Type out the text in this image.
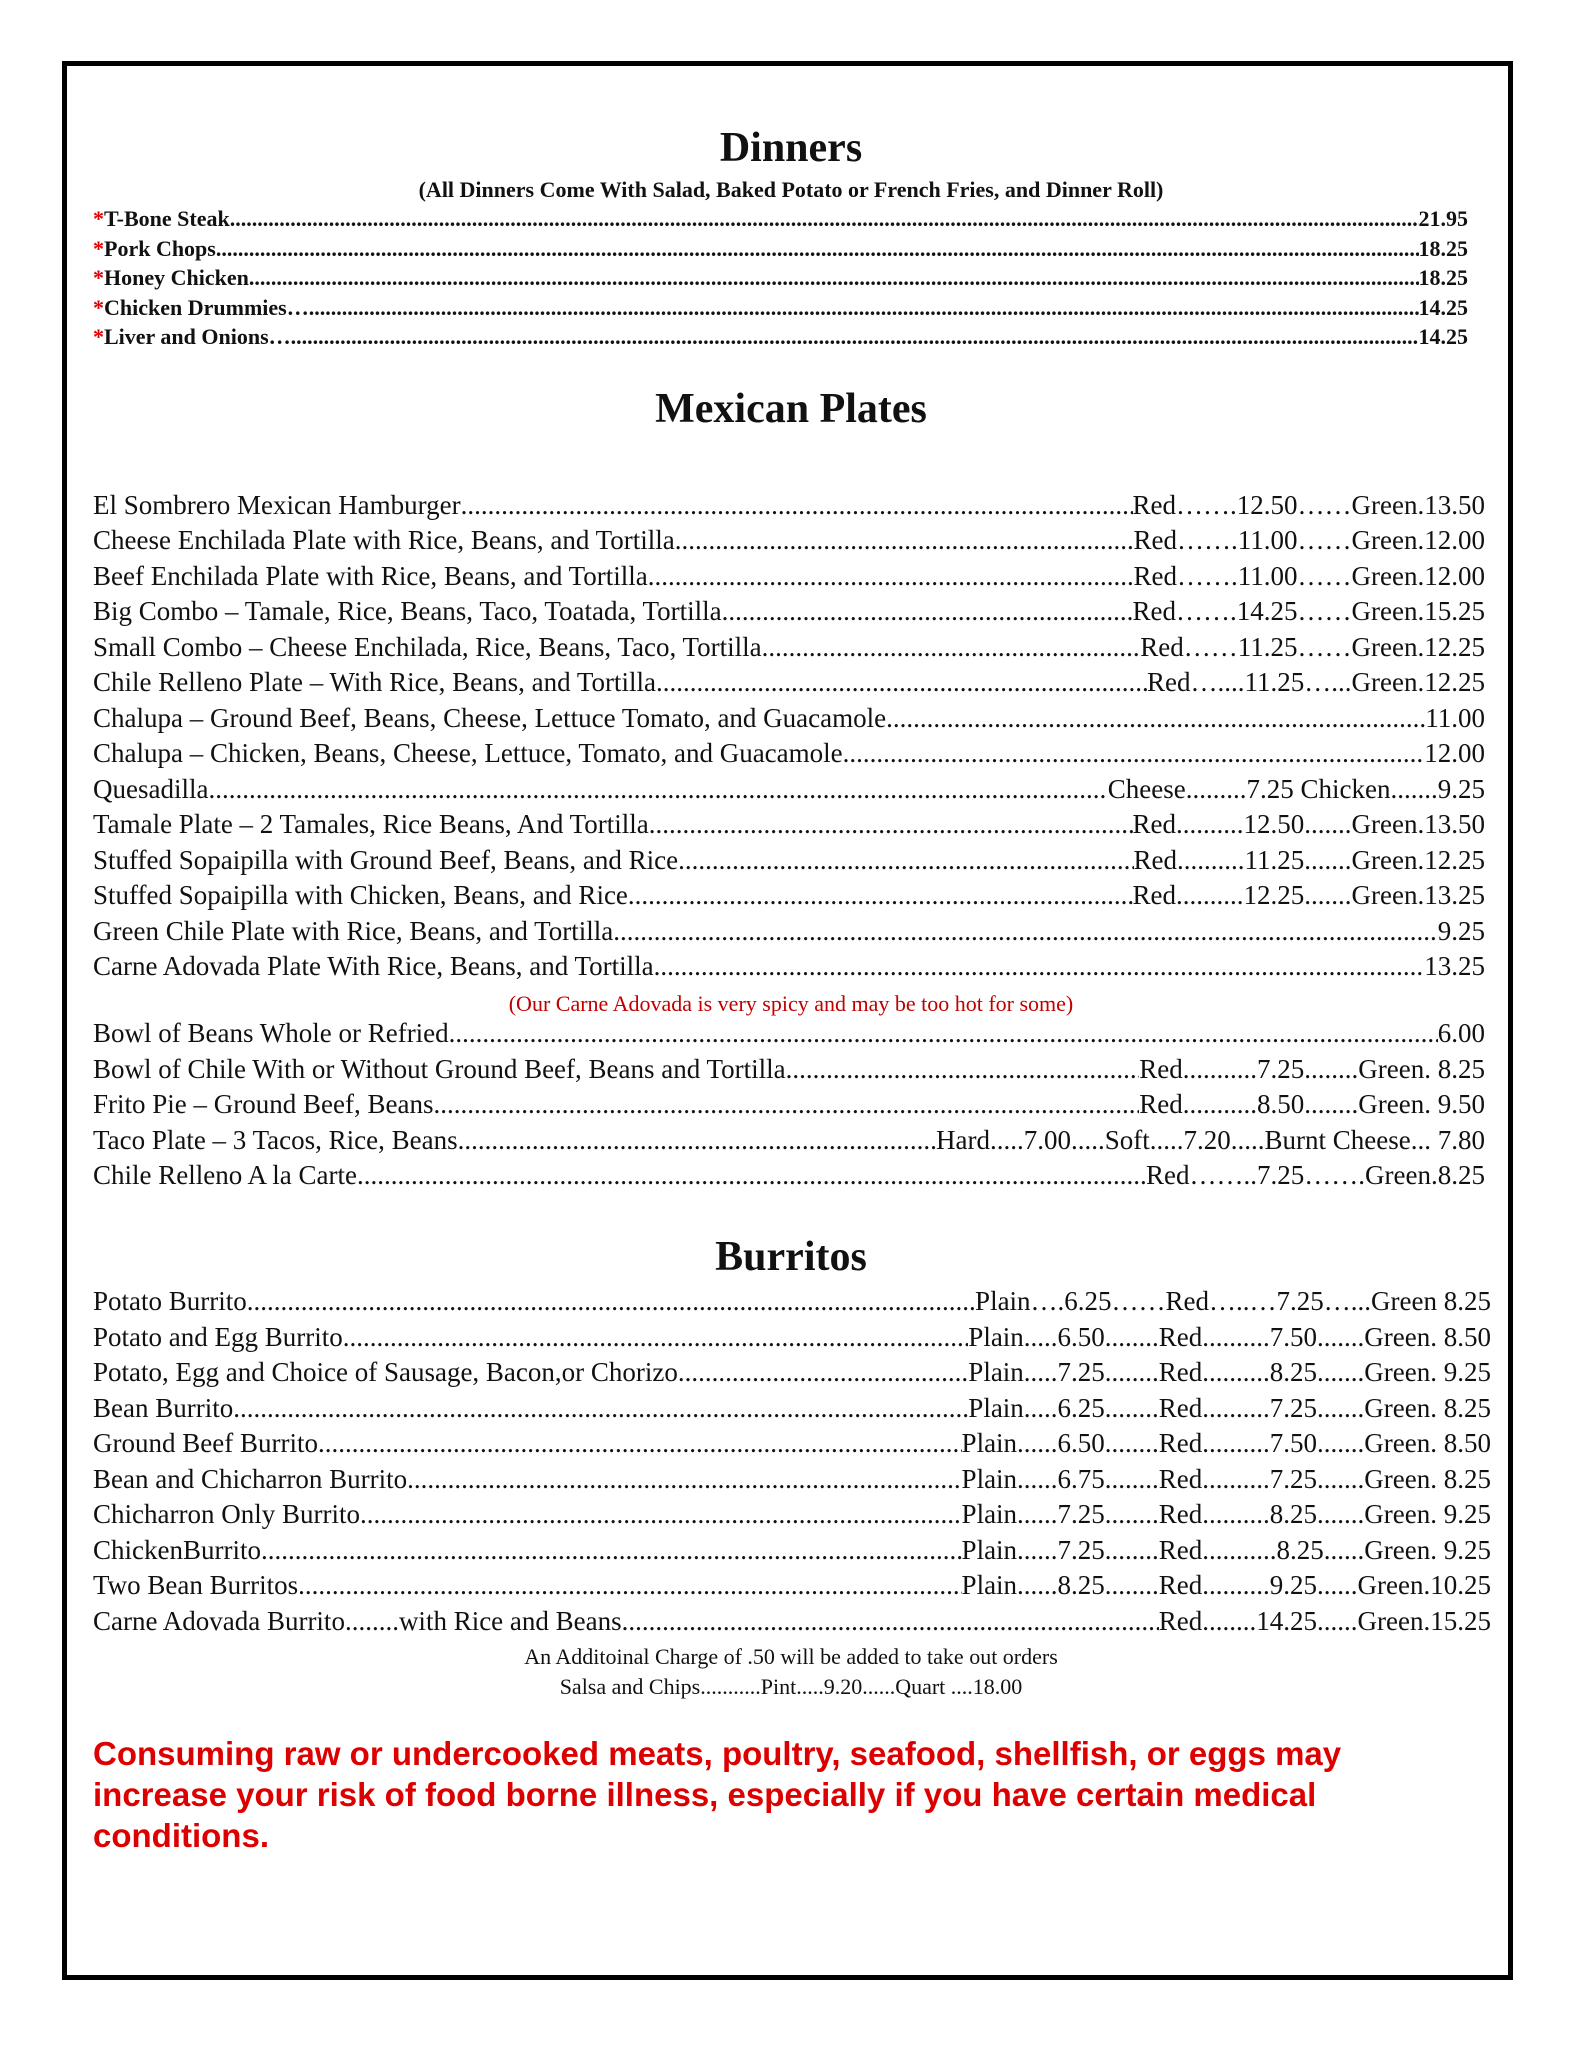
Dinners
(All Dinners Come With Salad, Baked Potato or French Fries, and Dinner Roll)
*T-Bone Steak .....	21.95
*Pork Chops .....	18.25
*Honey Chicken .....	18.25
*Chicken Drummies… .....	14.25
*Liver and Onions… .....	14.25
Mexican Plates
El Sombrero Mexican Hamburger .....	Red…….12.50……Green.13.50
Cheese Enchilada Plate with Rice, Beans, and Tortilla .....	Red…….11.00……Green.12.00
Beef Enchilada Plate with Rice, Beans, and Tortilla .....	Red…….11.00……Green.12.00
Big Combo – Tamale, Rice, Beans, Taco, Toatada, Tortilla .....	Red…….14.25……Green.15.25
Small Combo – Cheese Enchilada, Rice, Beans, Taco, Tortilla .....	Red……11.25……Green.12.25
Chile Relleno Plate – With Rice, Beans, and Tortilla .....	Red…....11.25…...Green.12.25
Chalupa – Ground Beef, Beans, Cheese, Lettuce Tomato, and Guacamole .....	11.00
Chalupa – Chicken, Beans, Cheese, Lettuce, Tomato, and Guacamole .....	12.00
Quesadilla .....	Cheese.........7.25 Chicken.......9.25
Tamale Plate – 2 Tamales, Rice Beans, And Tortilla .....	Red..........12.50.......Green.13.50
Stuffed Sopaipilla with Ground Beef, Beans, and Rice .....	Red..........11.25.......Green.12.25
Stuffed Sopaipilla with Chicken, Beans, and Rice .....	Red..........12.25.......Green.13.25
Green Chile Plate with Rice, Beans, and Tortilla .....	9.25
Carne Adovada Plate With Rice, Beans, and Tortilla .....	13.25
(Our Carne Adovada is very spicy and may be too hot for some)
Bowl of Beans Whole or Refried. .....	6.00
Bowl of Chile With or Without Ground Beef, Beans and Tortilla .....	Red...........7.25........Green. 8.25
Frito Pie – Ground Beef, Beans .....	Red...........8.50........Green. 9.50
Taco Plate – 3 Tacos, Rice, Beans .....	Hard.....7.00.....Soft.....7.20.....Burnt Cheese... 7.80
Chile Relleno A la Carte .....	Red……..7.25…….Green.8.25
Burritos
Potato Burrito .....	Plain….6.25……Red…..…7.25…...Green 8.25
Potato and Egg Burrito .....	Plain.....6.50........Red..........7.50.......Green. 8.50
Potato, Egg and Choice of Sausage, Bacon,or Chorizo .....	Plain.....7.25........Red..........8.25.......Green. 9.25
Bean Burrito .....	Plain.....6.25........Red..........7.25.......Green. 8.25
Ground Beef Burrito .....	Plain......6.50........Red..........7.50.......Green. 8.50
Bean and Chicharron Burrito .....	Plain......6.75........Red..........7.25.......Green. 8.25
Chicharron Only Burrito .....	Plain......7.25........Red..........8.25.......Green. 9.25
ChickenBurrito .....	Plain......7.25........Red...........8.25......Green. 9.25
Two Bean Burritos .....	Plain......8.25........Red..........9.25......Green.10.25
Carne Adovada Burrito........with Rice and Beans .....	Red........14.25......Green.15.25
An Additoinal Charge of .50 will be added to take out orders
Salsa and Chips...........Pint.....9.20......Quart ....18.00
Consuming raw or undercooked meats, poultry, seafood, shellfish, or eggs may increase your risk of food borne illness, especially if you have certain medical conditions.
